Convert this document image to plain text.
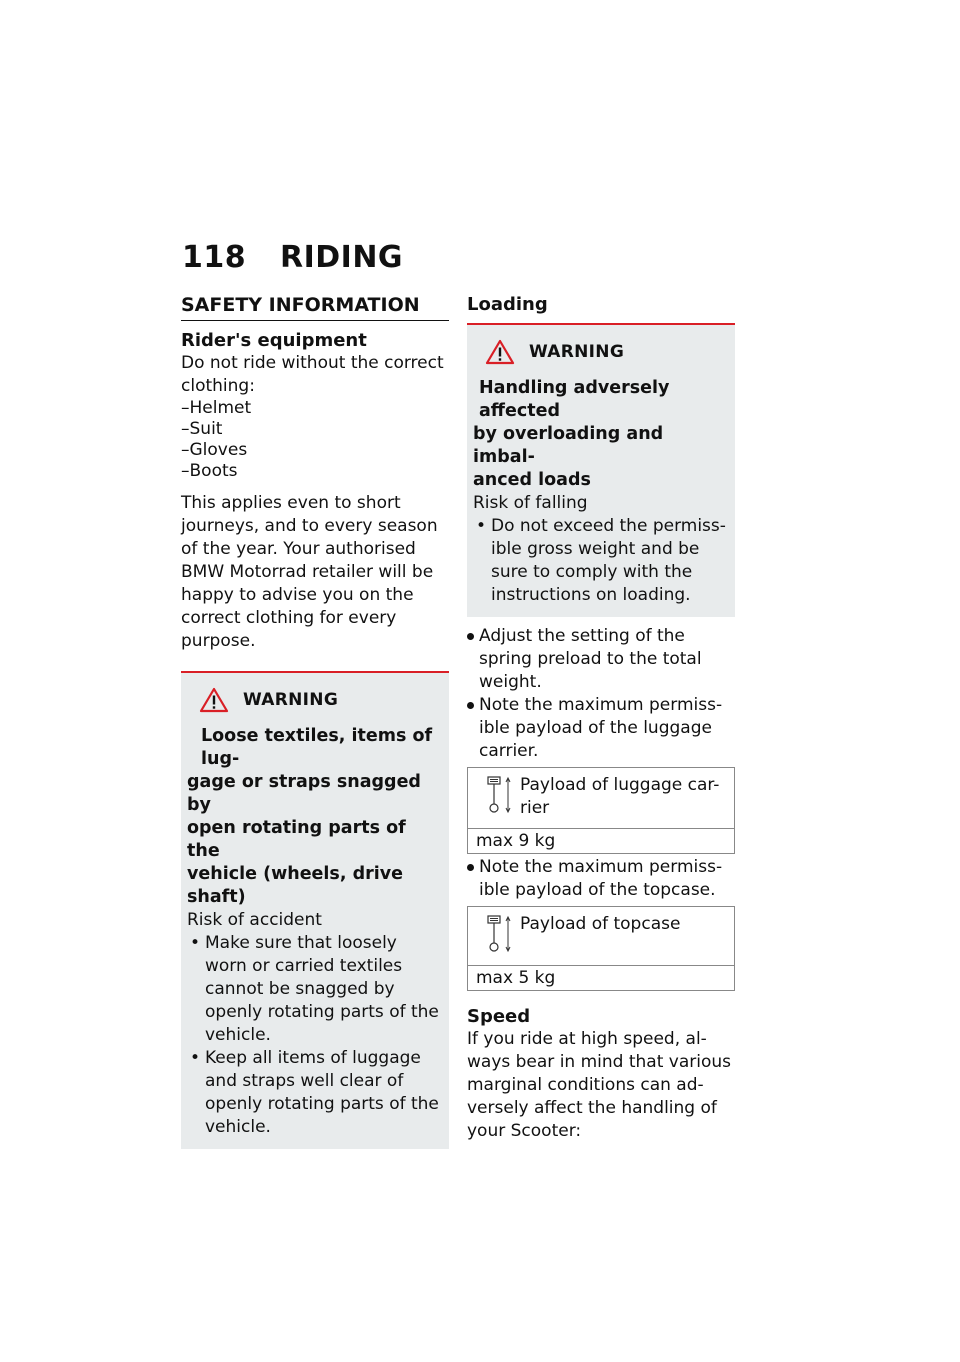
118	RIDING
SAFETY INFORMATION
Rider's equipment

Do not ride without the correct clothing:

–Helmet
–Suit
–Gloves
–Boots

This applies even to short journeys, and to every season of the year. Your authorised BMW Motorrad retailer will be happy to advise you on the correct clothing for every purpose.

WARNING
Loose textiles, items of lug-
gage or straps snagged by
open rotating parts of the
vehicle (wheels, drive shaft)

Risk of accident

• Make sure that loosely worn or carried textiles cannot be snagged by openly rotating parts of the vehicle.
• Keep all items of luggage and straps well clear of openly rotating parts of the vehicle.
Loading
WARNING
Handling adversely affected
by overloading and imbal-
anced loads

Risk of falling

• Do not exceed the permiss-ible gross weight and be sure to comply with the instructions on loading.
Adjust the setting of the spring preload to the total weight.
Note the maximum permiss-ible payload of the luggage carrier.
Payload of luggage car-rier
max 9 kg
Note the maximum permiss-ible payload of the topcase.
Payload of topcase
max 5 kg
Speed

If you ride at high speed, al-ways bear in mind that various marginal conditions can ad-versely affect the handling of your Scooter:
